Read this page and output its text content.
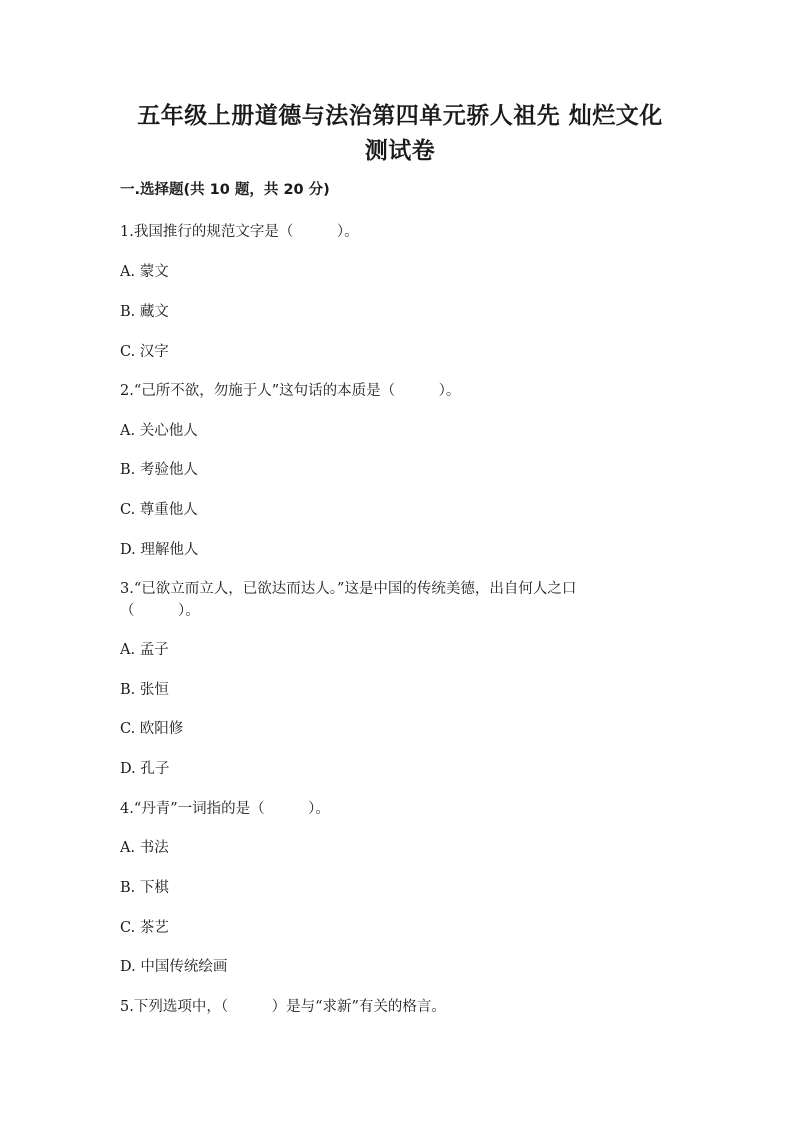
五年级上册道德与法治第四单元骄人祖先 灿烂文化
测试卷

一.选择题(共 10 题，共 20 分)

1.我国推行的规范文字是（　　　）。

A. 蒙文

B. 藏文

C. 汉字

2.“己所不欲，勿施于人”这句话的本质是（　　　）。

A. 关心他人

B. 考验他人

C. 尊重他人

D. 理解他人

3.“已欲立而立人，已欲达而达人。”这是中国的传统美德，出自何人之口

（　　　）。

A. 孟子

B. 张恒

C. 欧阳修

D. 孔子

4.“丹青”一词指的是（　　　）。

A. 书法

B. 下棋

C. 茶艺

D. 中国传统绘画

5.下列选项中，（　　　）是与“求新”有关的格言。
